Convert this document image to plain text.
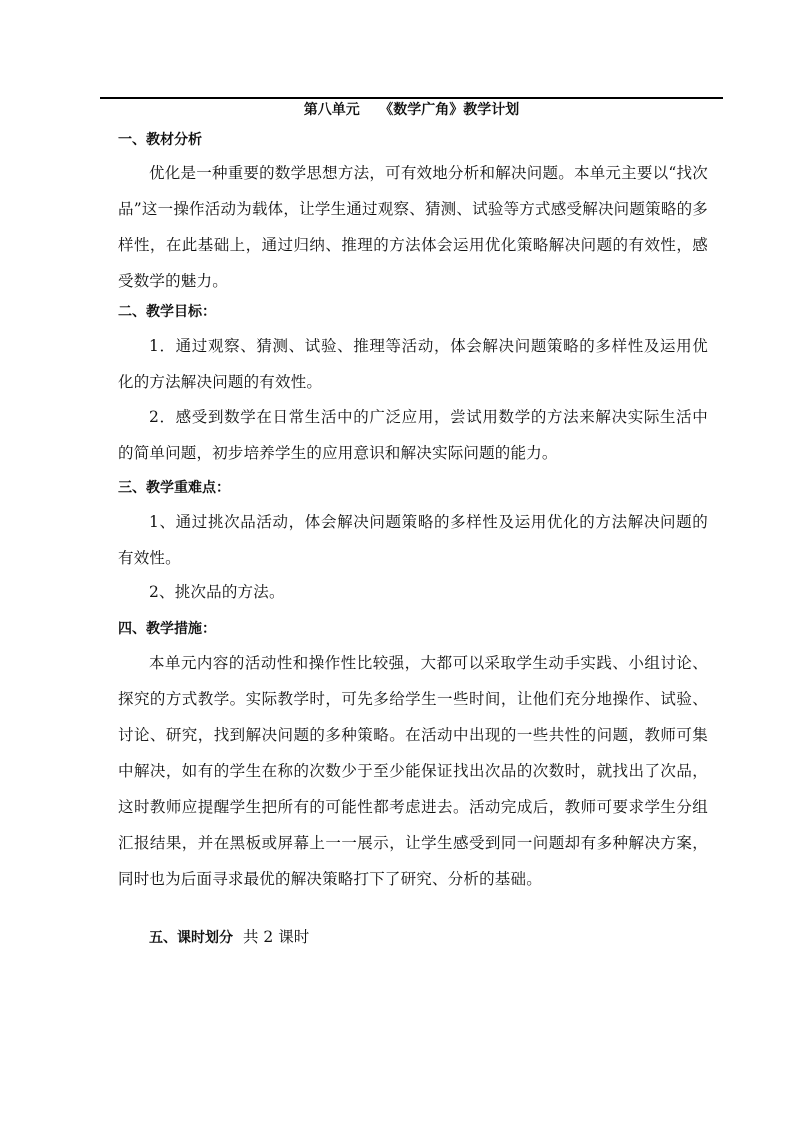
第八单元    《数学广角》教学计划
一、教材分析
优化是一种重要的数学思想方法，可有效地分析和解决问题。本单元主要以“找次品”这一操作活动为载体，让学生通过观察、猜测、试验等方式感受解决问题策略的多样性，在此基础上，通过归纳、推理的方法体会运用优化策略解决问题的有效性，感受数学的魅力。
二、教学目标：
1．通过观察、猜测、试验、推理等活动，体会解决问题策略的多样性及运用优化的方法解决问题的有效性。
2．感受到数学在日常生活中的广泛应用，尝试用数学的方法来解决实际生活中的简单问题，初步培养学生的应用意识和解决实际问题的能力。
三、教学重难点：
1、通过挑次品活动，体会解决问题策略的多样性及运用优化的方法解决问题的有效性。
2、挑次品的方法。
四、教学措施：
本单元内容的活动性和操作性比较强，大都可以采取学生动手实践、小组讨论、探究的方式教学。实际教学时，可先多给学生一些时间，让他们充分地操作、试验、讨论、研究，找到解决问题的多种策略。在活动中出现的一些共性的问题，教师可集中解决，如有的学生在称的次数少于至少能保证找出次品的次数时，就找出了次品，这时教师应提醒学生把所有的可能性都考虑进去。活动完成后，教师可要求学生分组汇报结果，并在黑板或屏幕上一一展示，让学生感受到同一问题却有多种解决方案，同时也为后面寻求最优的解决策略打下了研究、分析的基础。
五、课时划分 共 2 课时
